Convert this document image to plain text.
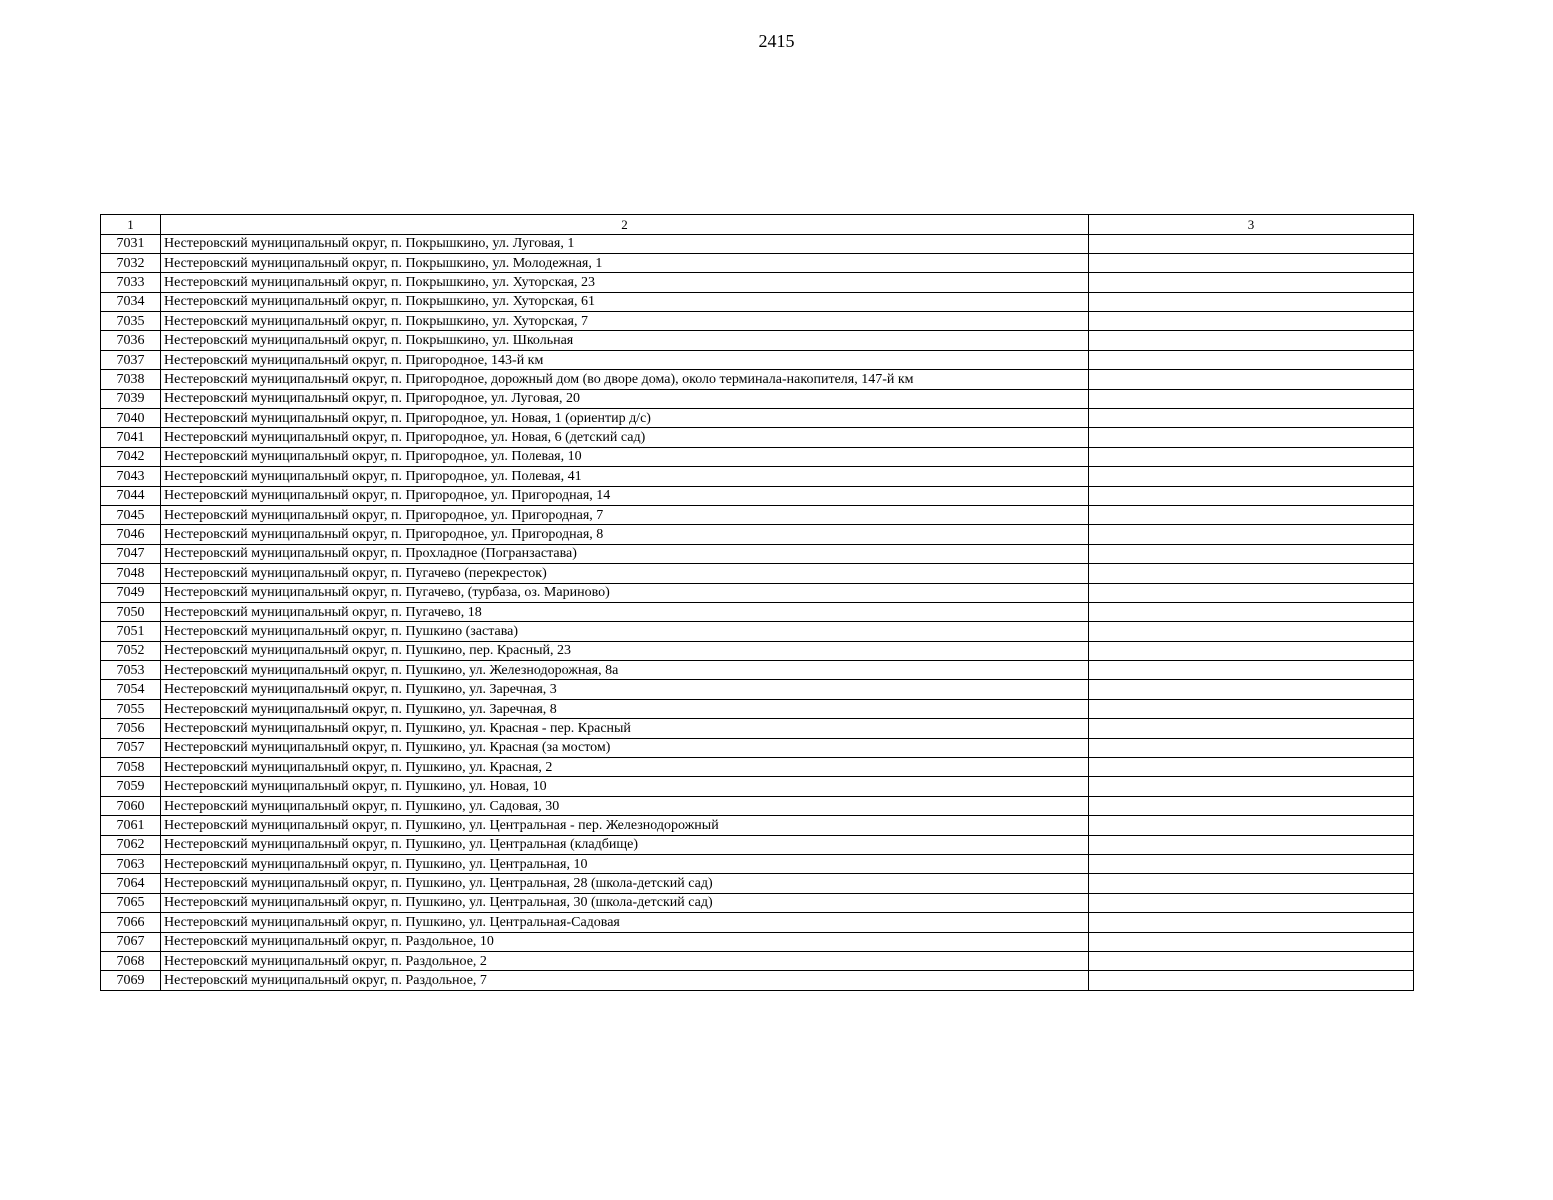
2415
1	2	3
7031	Нестеровский муниципальный округ, п. Покрышкино, ул. Луговая, 1	
7032	Нестеровский муниципальный округ, п. Покрышкино, ул. Молодежная, 1	
7033	Нестеровский муниципальный округ, п. Покрышкино, ул. Хуторская, 23	
7034	Нестеровский муниципальный округ, п. Покрышкино, ул. Хуторская, 61	
7035	Нестеровский муниципальный округ, п. Покрышкино, ул. Хуторская, 7	
7036	Нестеровский муниципальный округ, п. Покрышкино, ул. Школьная	
7037	Нестеровский муниципальный округ, п. Пригородное, 143-й км	
7038	Нестеровский муниципальный округ, п. Пригородное, дорожный дом (во дворе дома), около терминала-накопителя, 147-й км	
7039	Нестеровский муниципальный округ, п. Пригородное, ул. Луговая, 20	
7040	Нестеровский муниципальный округ, п. Пригородное, ул. Новая, 1 (ориентир д/с)	
7041	Нестеровский муниципальный округ, п. Пригородное, ул. Новая, 6 (детский сад)	
7042	Нестеровский муниципальный округ, п. Пригородное, ул. Полевая, 10	
7043	Нестеровский муниципальный округ, п. Пригородное, ул. Полевая, 41	
7044	Нестеровский муниципальный округ, п. Пригородное, ул. Пригородная, 14	
7045	Нестеровский муниципальный округ, п. Пригородное, ул. Пригородная, 7	
7046	Нестеровский муниципальный округ, п. Пригородное, ул. Пригородная, 8	
7047	Нестеровский муниципальный округ, п. Прохладное (Погранзастава)	
7048	Нестеровский муниципальный округ, п. Пугачево (перекресток)	
7049	Нестеровский муниципальный округ, п. Пугачево, (турбаза, оз. Мариново)	
7050	Нестеровский муниципальный округ, п. Пугачево, 18	
7051	Нестеровский муниципальный округ, п. Пушкино (застава)	
7052	Нестеровский муниципальный округ, п. Пушкино, пер. Красный, 23	
7053	Нестеровский муниципальный округ, п. Пушкино, ул. Железнодорожная, 8а	
7054	Нестеровский муниципальный округ, п. Пушкино, ул. Заречная, 3	
7055	Нестеровский муниципальный округ, п. Пушкино, ул. Заречная, 8	
7056	Нестеровский муниципальный округ, п. Пушкино, ул. Красная - пер. Красный	
7057	Нестеровский муниципальный округ, п. Пушкино, ул. Красная (за мостом)	
7058	Нестеровский муниципальный округ, п. Пушкино, ул. Красная, 2	
7059	Нестеровский муниципальный округ, п. Пушкино, ул. Новая, 10	
7060	Нестеровский муниципальный округ, п. Пушкино, ул. Садовая, 30	
7061	Нестеровский муниципальный округ, п. Пушкино, ул. Центральная - пер. Железнодорожный	
7062	Нестеровский муниципальный округ, п. Пушкино, ул. Центральная (кладбище)	
7063	Нестеровский муниципальный округ, п. Пушкино, ул. Центральная, 10	
7064	Нестеровский муниципальный округ, п. Пушкино, ул. Центральная, 28 (школа-детский сад)	
7065	Нестеровский муниципальный округ, п. Пушкино, ул. Центральная, 30 (школа-детский сад)	
7066	Нестеровский муниципальный округ, п. Пушкино, ул. Центральная-Садовая	
7067	Нестеровский муниципальный округ, п. Раздольное, 10	
7068	Нестеровский муниципальный округ, п. Раздольное, 2	
7069	Нестеровский муниципальный округ, п. Раздольное, 7	
